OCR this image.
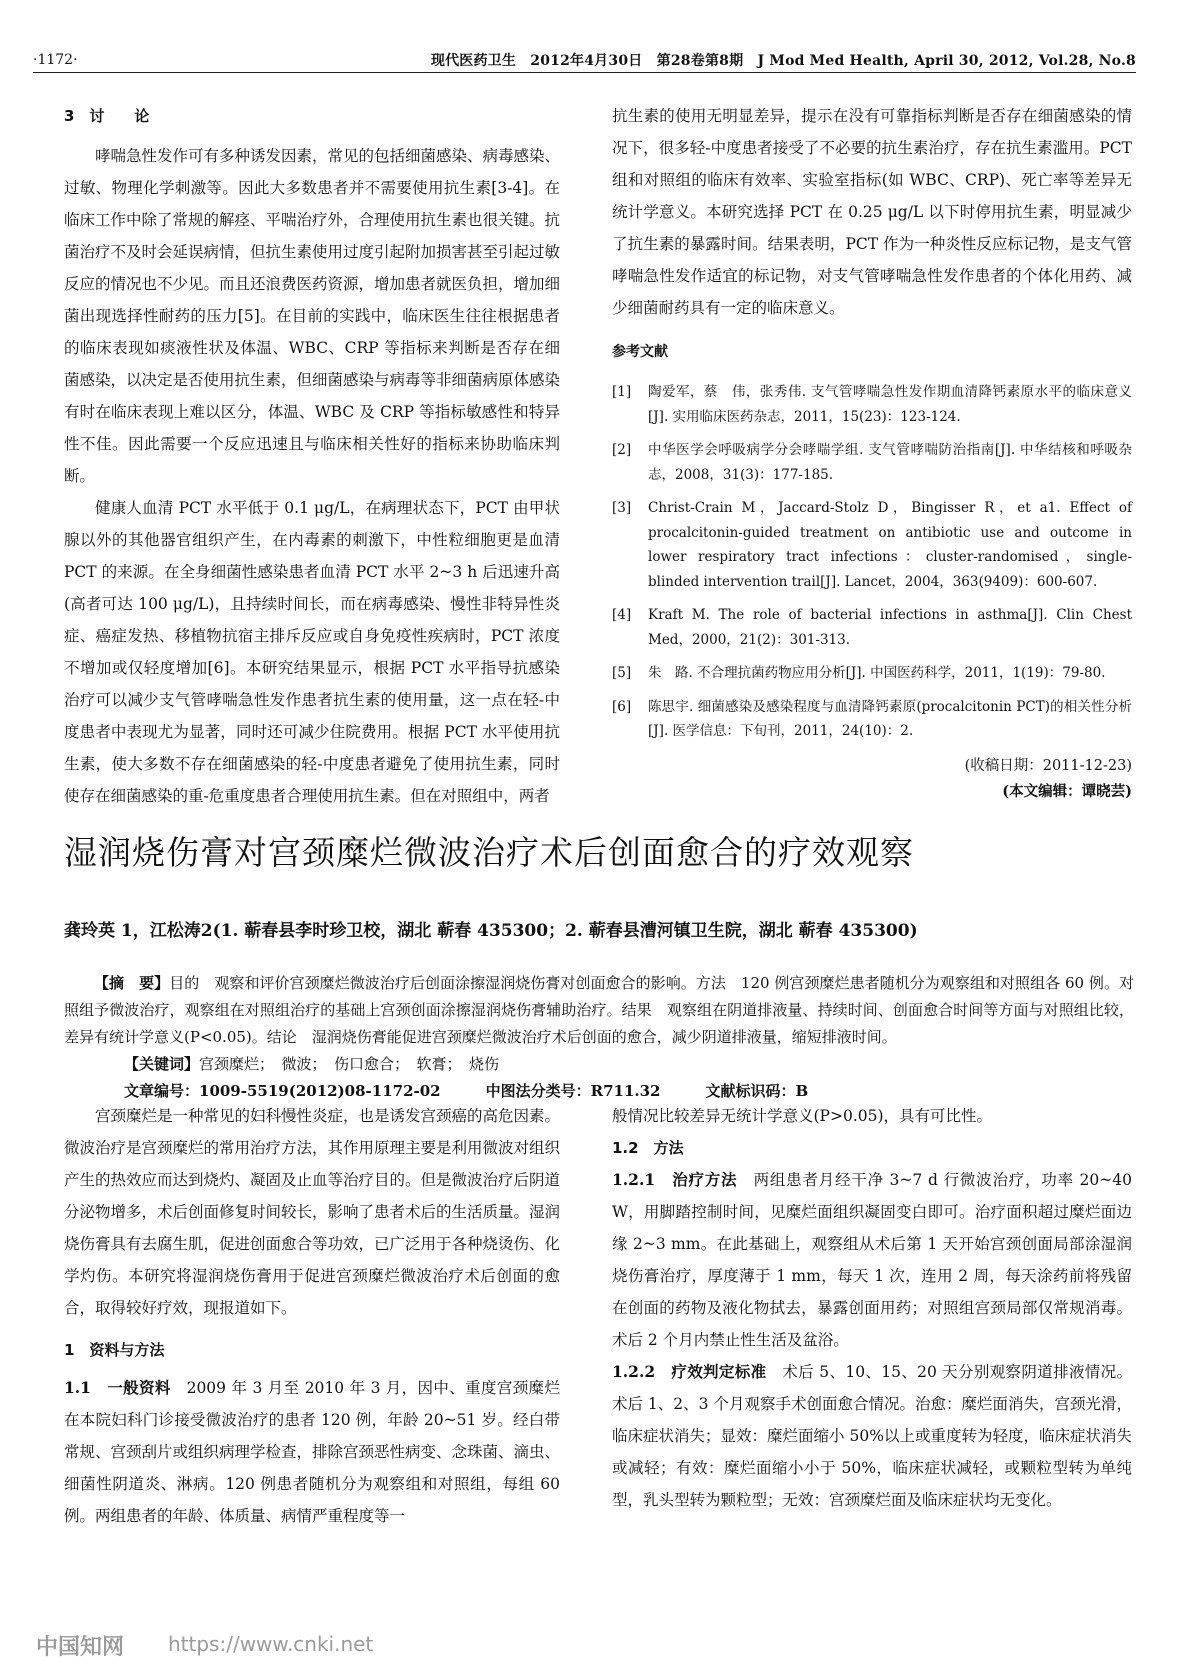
·1172·	现代医药卫生　2012年4月30日　第28卷第8期　J Mod Med Health, April 30, 2012, Vol.28, No.8

3　讨　　论

哮喘急性发作可有多种诱发因素，常见的包括细菌感染、病毒感染、过敏、物理化学刺激等。因此大多数患者并不需要使用抗生素[3-4]。在临床工作中除了常规的解痉、平喘治疗外，合理使用抗生素也很关键。抗菌治疗不及时会延误病情，但抗生素使用过度引起附加损害甚至引起过敏反应的情况也不少见。而且还浪费医药资源，增加患者就医负担，增加细菌出现选择性耐药的压力[5]。在目前的实践中，临床医生往往根据患者的临床表现如痰液性状及体温、WBC、CRP 等指标来判断是否存在细菌感染，以决定是否使用抗生素，但细菌感染与病毒等非细菌病原体感染有时在临床表现上难以区分，体温、WBC 及 CRP 等指标敏感性和特异性不佳。因此需要一个反应迅速且与临床相关性好的指标来协助临床判断。

健康人血清 PCT 水平低于 0.1 μg/L，在病理状态下，PCT 由甲状腺以外的其他器官组织产生，在内毒素的刺激下，中性粒细胞更是血清 PCT 的来源。在全身细菌性感染患者血清 PCT 水平 2~3 h 后迅速升高(高者可达 100 μg/L)，且持续时间长，而在病毒感染、慢性非特异性炎症、癌症发热、移植物抗宿主排斥反应或自身免疫性疾病时，PCT 浓度不增加或仅轻度增加[6]。本研究结果显示，根据 PCT 水平指导抗感染治疗可以减少支气管哮喘急性发作患者抗生素的使用量，这一点在轻-中度患者中表现尤为显著，同时还可减少住院费用。根据 PCT 水平使用抗生素，使大多数不存在细菌感染的轻-中度患者避免了使用抗生素，同时使存在细菌感染的重-危重度患者合理使用抗生素。但在对照组中，两者

抗生素的使用无明显差异，提示在没有可靠指标判断是否存在细菌感染的情况下，很多轻-中度患者接受了不必要的抗生素治疗，存在抗生素滥用。PCT 组和对照组的临床有效率、实验室指标(如 WBC、CRP)、死亡率等差异无统计学意义。本研究选择 PCT 在 0.25 μg/L 以下时停用抗生素，明显减少了抗生素的暴露时间。结果表明，PCT 作为一种炎性反应标记物，是支气管哮喘急性发作适宜的标记物，对支气管哮喘急性发作患者的个体化用药、减少细菌耐药具有一定的临床意义。

参考文献

[1]	陶爱军，蔡　伟，张秀伟. 支气管哮喘急性发作期血清降钙素原水平的临床意义[J]. 实用临床医药杂志，2011，15(23)：123-124.
[2]	中华医学会呼吸病学分会哮喘学组. 支气管哮喘防治指南[J]. 中华结核和呼吸杂志，2008，31(3)：177-185.
[3]	Christ-Crain M，Jaccard-Stolz D，Bingisser R，et a1. Effect of procalcitonin-guided treatment on antibiotic use and outcome in lower respiratory tract infections：cluster-randomised，single-blinded intervention trail[J]. Lancet，2004，363(9409)：600-607.
[4]	Kraft M. The role of bacterial infections in asthma[J]. Clin Chest Med，2000，21(2)：301-313.
[5]	朱　路. 不合理抗菌药物应用分析[J]. 中国医药科学，2011，1(19)：79-80.
[6]	陈思宇. 细菌感染及感染程度与血清降钙素原(procalcitonin PCT)的相关性分析[J]. 医学信息：下旬刊，2011，24(10)：2.
(收稿日期：2011-12-23)
(本文编辑：谭晓芸)
湿润烧伤膏对宫颈糜烂微波治疗术后创面愈合的疗效观察
龚玲英 1，江松涛2(1. 蕲春县李时珍卫校，湖北 蕲春 435300；2. 蕲春县漕河镇卫生院，湖北 蕲春 435300)

【摘　要】目的　观察和评价宫颈糜烂微波治疗后创面涂擦湿润烧伤膏对创面愈合的影响。方法　120 例宫颈糜烂患者随机分为观察组和对照组各 60 例。对照组予微波治疗，观察组在对照组治疗的基础上宫颈创面涂擦湿润烧伤膏辅助治疗。结果　观察组在阴道排液量、持续时间、创面愈合时间等方面与对照组比较，差异有统计学意义(P<0.05)。结论　湿润烧伤膏能促进宫颈糜烂微波治疗术后创面的愈合，减少阴道排液量，缩短排液时间。

【关键词】宫颈糜烂；　微波；　伤口愈合；　软膏；　烧伤

文章编号：1009-5519(2012)08-1172-02　　　中图法分类号：R711.32　　　文献标识码：B

宫颈糜烂是一种常见的妇科慢性炎症，也是诱发宫颈癌的高危因素。微波治疗是宫颈糜烂的常用治疗方法，其作用原理主要是利用微波对组织产生的热效应而达到烧灼、凝固及止血等治疗目的。但是微波治疗后阴道分泌物增多，术后创面修复时间较长，影响了患者术后的生活质量。湿润烧伤膏具有去腐生肌，促进创面愈合等功效，已广泛用于各种烧烫伤、化学灼伤。本研究将湿润烧伤膏用于促进宫颈糜烂微波治疗术后创面的愈合，取得较好疗效，现报道如下。

1　资料与方法

1.1　一般资料　2009 年 3 月至 2010 年 3 月，因中、重度宫颈糜烂在本院妇科门诊接受微波治疗的患者 120 例，年龄 20~51 岁。经白带常规、宫颈刮片或组织病理学检查，排除宫颈恶性病变、念珠菌、滴虫、细菌性阴道炎、淋病。120 例患者随机分为观察组和对照组，每组 60 例。两组患者的年龄、体质量、病情严重程度等一

般情况比较差异无统计学意义(P>0.05)，具有可比性。

1.2　方法

1.2.1　治疗方法　两组患者月经干净 3~7 d 行微波治疗，功率 20~40 W，用脚踏控制时间，见糜烂面组织凝固变白即可。治疗面积超过糜烂面边缘 2~3 mm。在此基础上，观察组从术后第 1 天开始宫颈创面局部涂湿润烧伤膏治疗，厚度薄于 1 mm，每天 1 次，连用 2 周，每天涂药前将残留在创面的药物及液化物拭去，暴露创面用药；对照组宫颈局部仅常规消毒。术后 2 个月内禁止性生活及盆浴。

1.2.2　疗效判定标准　术后 5、10、15、20 天分别观察阴道排液情况。术后 1、2、3 个月观察手术创面愈合情况。治愈：糜烂面消失，宫颈光滑，临床症状消失；显效：糜烂面缩小 50%以上或重度转为轻度，临床症状消失或减轻；有效：糜烂面缩小小于 50%，临床症状减轻，或颗粒型转为单纯型，乳头型转为颗粒型；无效：宫颈糜烂面及临床症状均无变化。

中国知网 https://www.cnki.net
